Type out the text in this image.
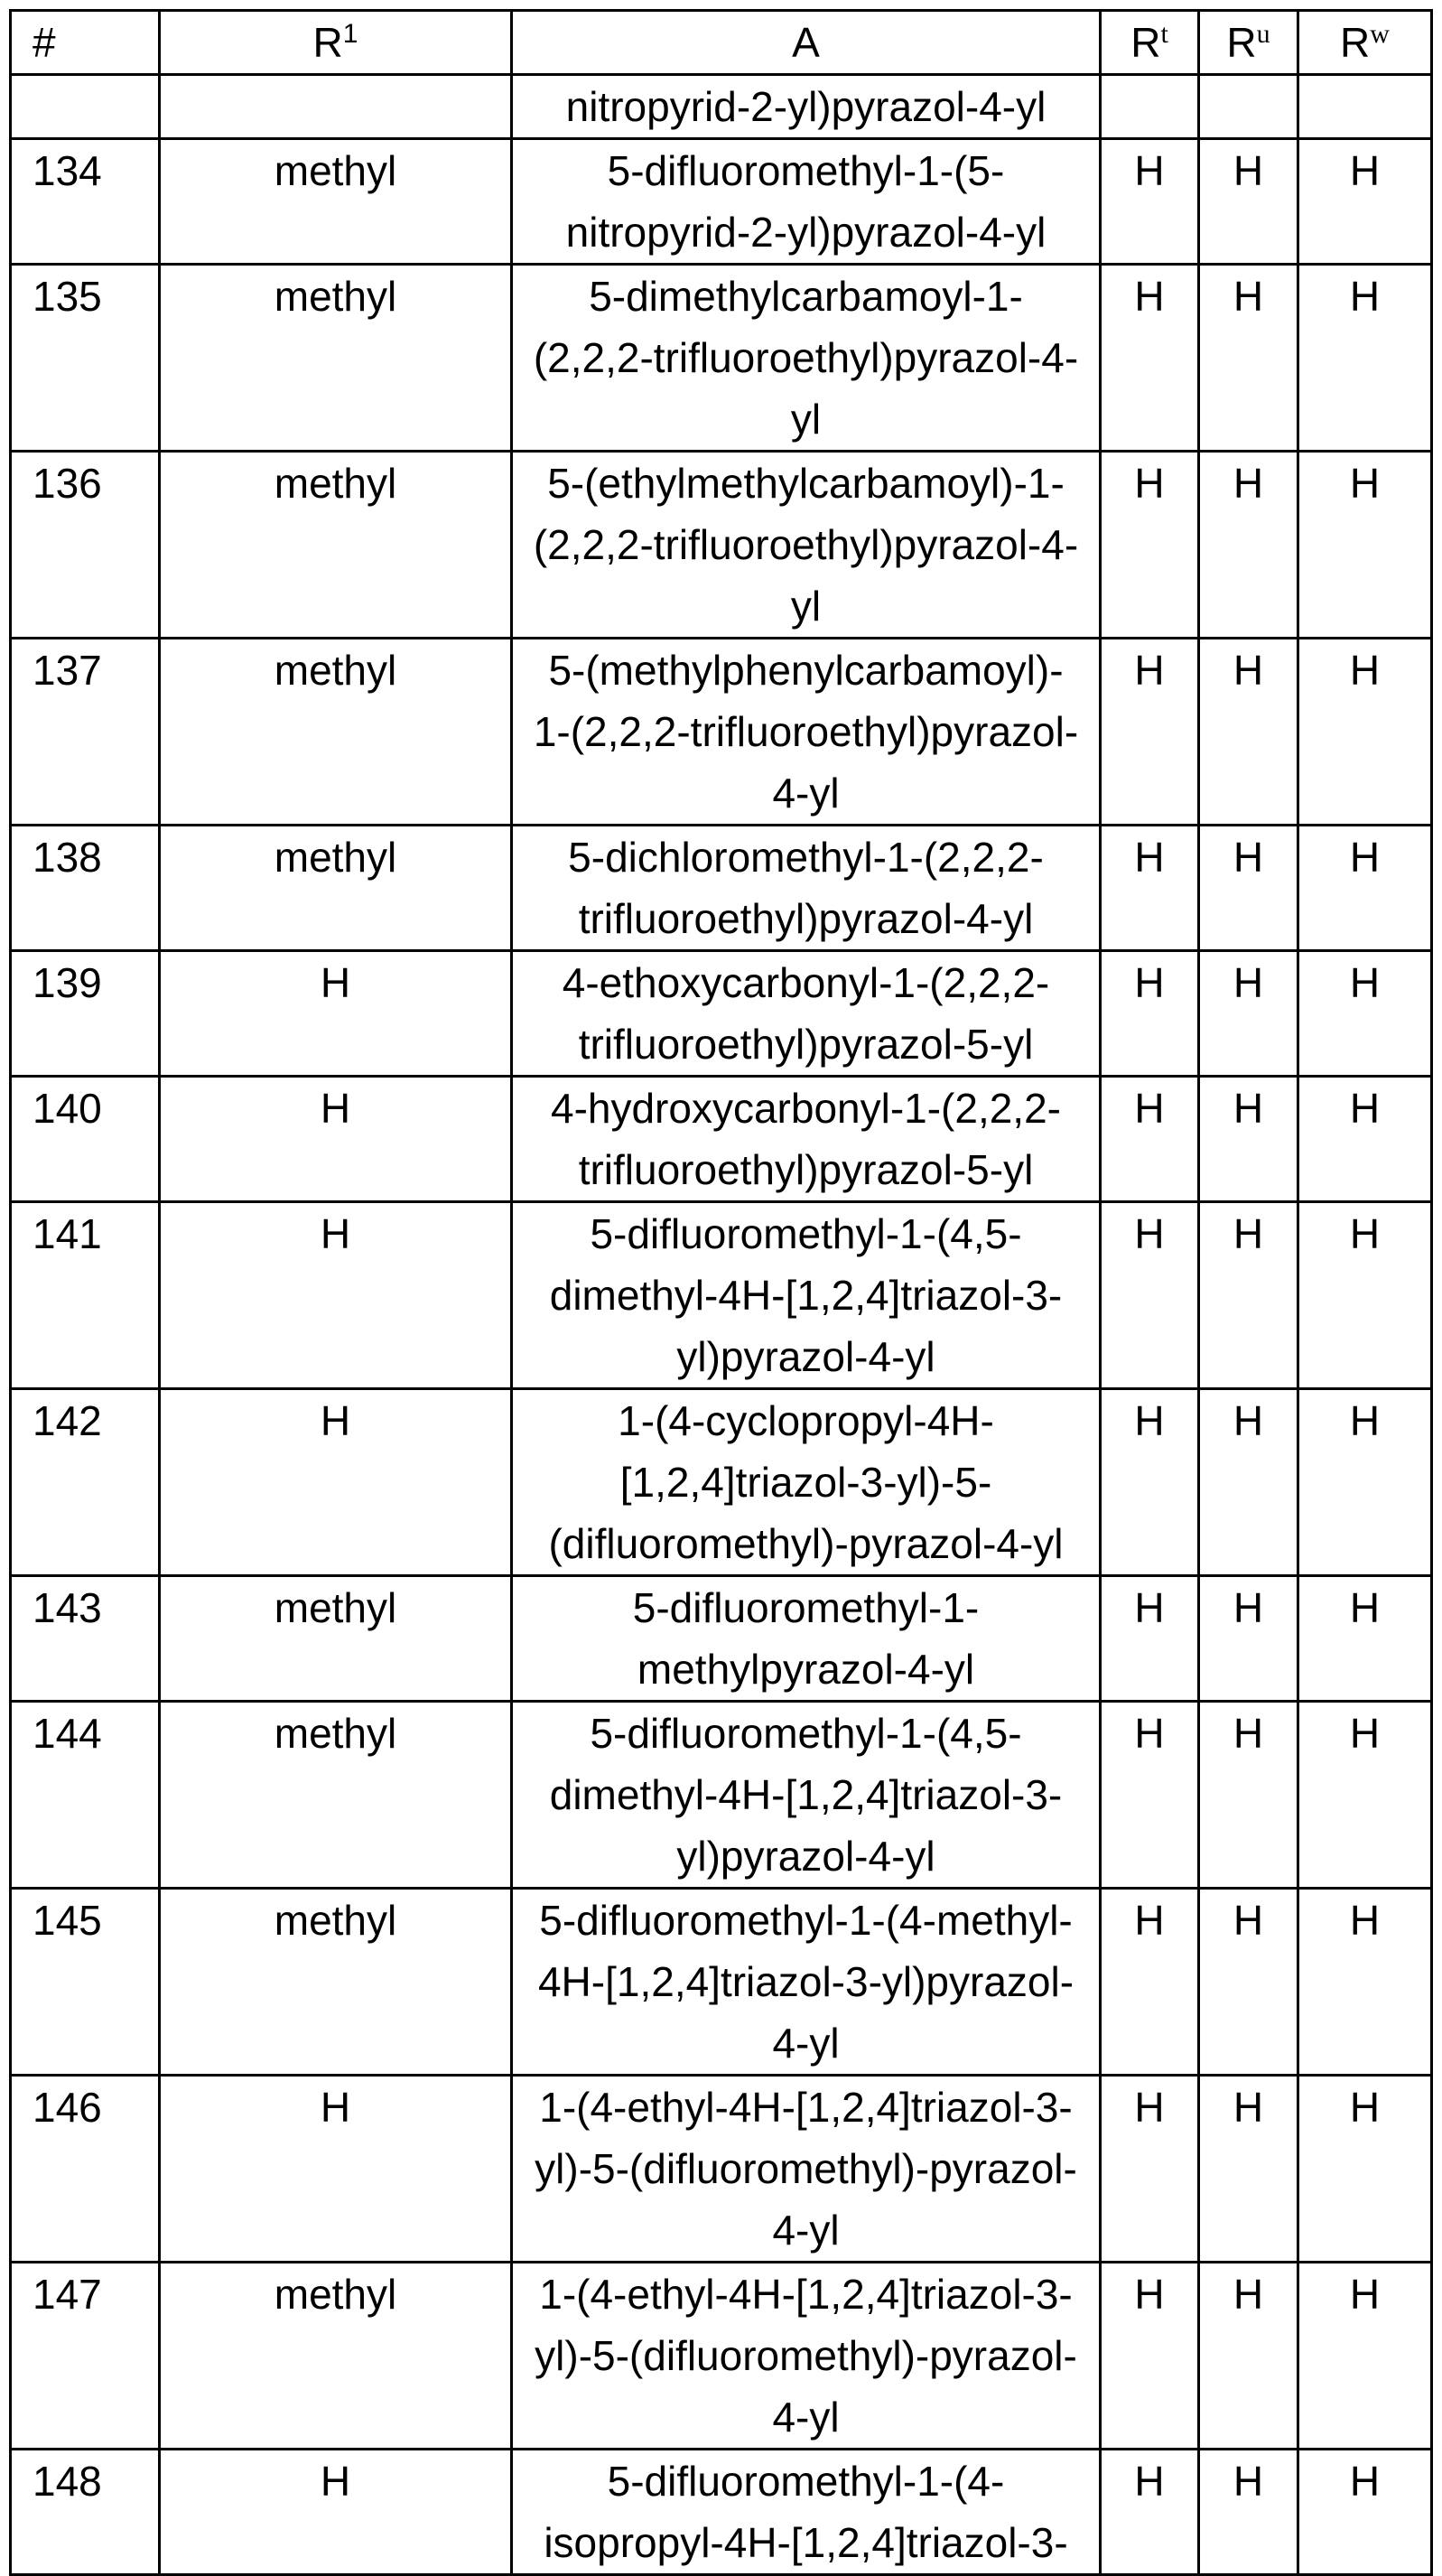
#	$R^1$	A	$R^t$	$R^u$	$R^w$
		nitropyrid-2-yl)pyrazol-4-yl			
134	methyl	5-difluoromethyl-1-(5-
nitropyrid-2-yl)pyrazol-4-yl	H	H	H
135	methyl	5-dimethylcarbamoyl-1-
(2,2,2-trifluoroethyl)pyrazol-4-
yl	H	H	H
136	methyl	5-(ethylmethylcarbamoyl)-1-
(2,2,2-trifluoroethyl)pyrazol-4-
yl	H	H	H
137	methyl	5-(methylphenylcarbamoyl)-
1-(2,2,2-trifluoroethyl)pyrazol-
4-yl	H	H	H
138	methyl	5-dichloromethyl-1-(2,2,2-
trifluoroethyl)pyrazol-4-yl	H	H	H
139	H	4-ethoxycarbonyl-1-(2,2,2-
trifluoroethyl)pyrazol-5-yl	H	H	H
140	H	4-hydroxycarbonyl-1-(2,2,2-
trifluoroethyl)pyrazol-5-yl	H	H	H
141	H	5-difluoromethyl-1-(4,5-
dimethyl-4H-[1,2,4]triazol-3-
yl)pyrazol-4-yl	H	H	H
142	H	1-(4-cyclopropyl-4H-
[1,2,4]triazol-3-yl)-5-
(difluoromethyl)-pyrazol-4-yl	H	H	H
143	methyl	5-difluoromethyl-1-
methylpyrazol-4-yl	H	H	H
144	methyl	5-difluoromethyl-1-(4,5-
dimethyl-4H-[1,2,4]triazol-3-
yl)pyrazol-4-yl	H	H	H
145	methyl	5-difluoromethyl-1-(4-methyl-
4H-[1,2,4]triazol-3-yl)pyrazol-
4-yl	H	H	H
146	H	1-(4-ethyl-4H-[1,2,4]triazol-3-
yl)-5-(difluoromethyl)-pyrazol-
4-yl	H	H	H
147	methyl	1-(4-ethyl-4H-[1,2,4]triazol-3-
yl)-5-(difluoromethyl)-pyrazol-
4-yl	H	H	H
148	H	5-difluoromethyl-1-(4-
isopropyl-4H-[1,2,4]triazol-3-	H	H	H
